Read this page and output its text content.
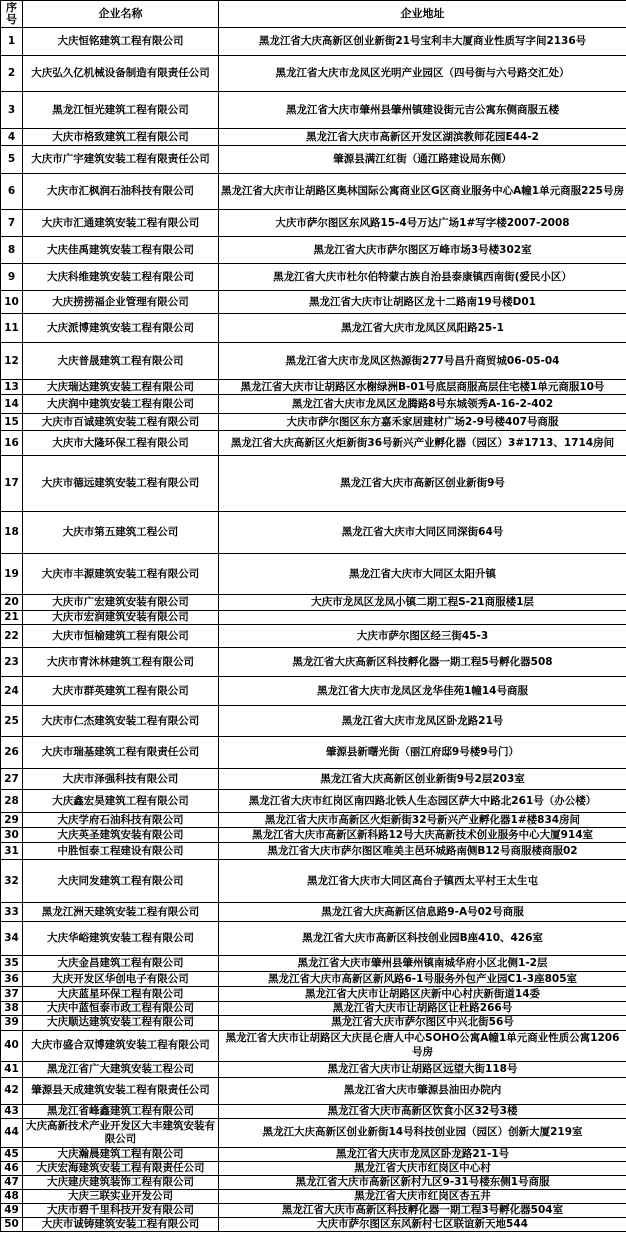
序号	企业名称	企业地址
1	大庆恒铭建筑工程有限公司	黑龙江省大庆高新区创业新街21号宝利丰大厦商业性质写字间2136号
2	大庆弘久亿机械设备制造有限责任公司	黑龙江省大庆市龙凤区光明产业园区（四号街与六号路交汇处）
3	黑龙江恒光建筑工程有限公司	黑龙江省大庆市肇州县肇州镇建设街元吉公寓东侧商服五楼
4	大庆市格致建筑工程有限公司	黑龙江省大庆市高新区开发区湖滨教师花园E44-2
5	大庆市广宇建筑安装工程有限责任公司	肇源县满江红街（通江路建设局东侧）
6	大庆市汇枫润石油科技有限公司	黑龙江省大庆市让胡路区奥林国际公寓商业区G区商业服务中心A幢1单元商服225号房
7	大庆市汇通建筑安装工程有限公司	大庆市萨尔图区东风路15-4号万达广场1#写字楼2007-2008
8	大庆佳禹建筑安装工程有限公司	黑龙江省大庆市萨尔图区万峰市场3号楼302室
9	大庆科维建筑安装工程有限公司	黑龙江省大庆市杜尔伯特蒙古族自治县泰康镇西南街(爱民小区）
10	大庆捞捞福企业管理有限公司	黑龙江省大庆市让胡路区龙十二路南19号楼D01
11	大庆派博建筑安装工程有限公司	黑龙江省大庆市龙凤区凤阳路25-1
12	大庆普晟建筑工程有限公司	黑龙江省大庆市龙凤区热源街277号昌升商贸城06-05-04
13	大庆瑞达建筑安装工程有限公司	黑龙江省大庆市让胡路区水榭绿洲B-01号底层商服高层住宅楼1单元商服10号
14	大庆润中建筑安装工程有限公司	黑龙江省大庆市龙凤区龙腾路8号东城领秀A-16-2-402
15	大庆市百诚建筑安装工程有限公司	大庆市萨尔图区东方嘉禾家居建材广场2-9号楼407号商服
16	大庆市大隆环保工程有限公司	黑龙江省大庆高新区火炬新街36号新兴产业孵化器（园区）3#1713、1714房间
17	大庆市德远建筑安装工程有限公司	黑龙江省大庆市高新区创业新街9号
18	大庆市第五建筑工程公司	黑龙江省大庆市大同区同深街64号
19	大庆市丰源建筑安装工程有限公司	黑龙江省大庆市大同区太阳升镇
20	大庆市广宏建筑安装有限公司	大庆市龙凤区龙凤小镇二期工程S-21商服楼1层
21	大庆市宏润建筑安装有限公司	
22	大庆市恒榆建筑工程有限公司	大庆市萨尔图区经三街45-3
23	大庆市青沐林建筑工程有限公司	黑龙江省大庆高新区科技孵化器一期工程5号孵化器508
24	大庆市群英建筑工程有限公司	黑龙江省大庆市龙凤区龙华佳苑1幢14号商服
25	大庆市仁杰建筑安装工程有限公司	黑龙江省大庆市龙凤区卧龙路21号
26	大庆市瑞基建筑工程有限责任公司	肇源县新曙光街（丽江府邸9号楼9号门）
27	大庆市泽强科技有限公司	黑龙江省大庆高新区创业新街9号2层203室
28	大庆鑫宏昊建筑工程有限公司	黑龙江省大庆市红岗区南四路北铁人生态园区萨大中路北261号（办公楼）
29	大庆学府石油科技有限公司	黑龙江省大庆市高新区火炬新街32号新兴产业孵化器1#楼834房间
30	大庆英圣建筑安装有限公司	黑龙江省大庆市高新区新科路12号大庆高新技术创业服务中心大厦914室
31	中胜恒泰工程建设有限公司	黑龙江省大庆市萨尔图区唯美主邑环城路南侧B12号商服楼商服02
32	大庆同发建筑工程有限公司	黑龙江省大庆市大同区高台子镇西太平村王太生屯
33	黑龙江洲天建筑安装工程有限公司	黑龙江省大庆高新区信息路9-A号02号商服
34	大庆华峪建筑安装工程有限公司	黑龙江省大庆市高新区科技创业园B座410、426室
35	大庆金昌建筑工程有限公司	黑龙江省大庆市肇州县肇州镇南城华府小区北侧1-2层
36	大庆开发区华创电子有限公司	黑龙江省大庆市高新区新风路6-1号服务外包产业园C1-3座805室
37	大庆蓝星环保工程有限公司	黑龙江省大庆市让胡路区庆新中心村庆新街道14委
38	大庆中蓝恒泰市政工程有限公司	黑龙江省大庆市让胡路区让杜路266号
39	大庆顺达建筑安装工程有限公司	黑龙江省大庆市萨尔图区中兴北街56号
40	大庆市盛合双博建筑安装工程有限公司	黑龙江省大庆市让胡路区大庆昆仑唐人中心SOHO公寓A幢1单元商业性质公寓1206号房
41	黑龙江省广大建筑安装工程公司	黑龙江省大庆市让胡路区远望大街118号
42	肇源县天成建筑安装工程有限责任公司	黑龙江省大庆市肇源县油田办院内
43	黑龙江省峰鑫建筑工程有限公司	黑龙江省大庆市高新区饮食小区32号3楼
44	大庆高新技术产业开发区大丰建筑安装有限公司	黑龙江大庆高新区创业新街14号科技创业园（园区）创新大厦219室
45	大庆瀚晨建筑工程有限公司	黑龙江省大庆市龙凤区卧龙路21-1号
46	大庆宏海建筑安装工程有限责任公司	黑龙江省大庆市红岗区中心村
47	大庆建庆建筑装饰工程有限公司	黑龙江省大庆市高新区新村九区9-31号楼东侧1号商服
48	大庆三联实业开发公司	黑龙江省大庆市红岗区杏五井
49	大庆市碧千里科技开发有限公司	黑龙江省大庆市高新区科技孵化器一期工程3号孵化器504室
50	大庆市诚铸建筑安装工程有限公司	大庆市萨尔图区东风新村七区联谊新天地544
